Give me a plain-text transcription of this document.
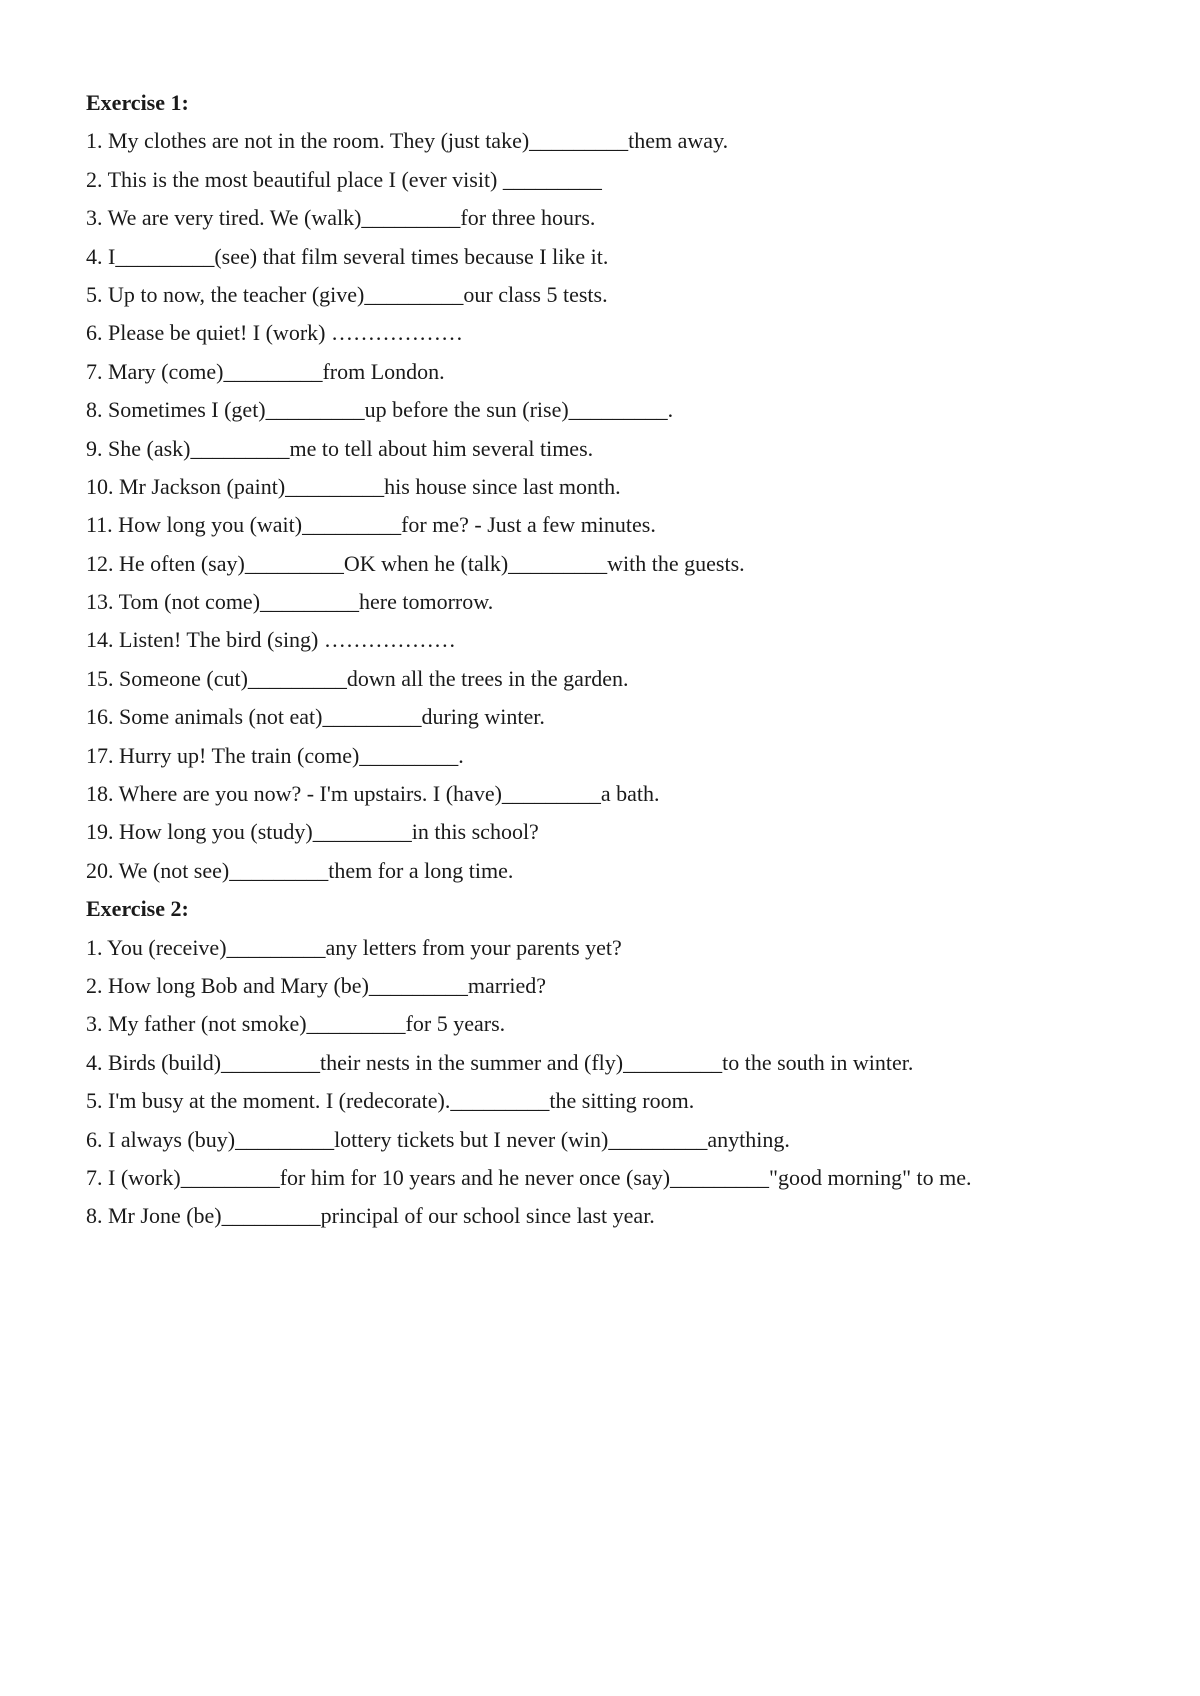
Exercise 1:
1. My clothes are not in the room. They (just take)_________them away.
2. This is the most beautiful place I (ever visit) _________
3. We are very tired. We (walk)_________for three hours.
4. I_________(see) that film several times because I like it.
5. Up to now, the teacher (give)_________our class 5 tests.
6. Please be quiet! I (work) ………………
7. Mary (come)_________from London.
8. Sometimes I (get)_________up before the sun (rise)_________.
9. She (ask)_________me to tell about him several times.
10. Mr Jackson (paint)_________his house since last month.
11. How long you (wait)_________for me? - Just a few minutes.
12. He often (say)_________OK when he (talk)_________with the guests.
13. Tom (not come)_________here tomorrow.
14. Listen! The bird (sing) ………………
15. Someone (cut)_________down all the trees in the garden.
16. Some animals (not eat)_________during winter.
17. Hurry up! The train (come)_________.
18. Where are you now? - I'm upstairs. I (have)_________a bath.
19. How long you (study)_________in this school?
20. We (not see)_________them for a long time.
Exercise 2:
1. You (receive)_________any letters from your parents yet?
2. How long Bob and Mary (be)_________married?
3. My father (not smoke)_________for 5 years.
4. Birds (build)_________their nests in the summer and (fly)_________to the south in winter.
5. I'm busy at the moment. I (redecorate)._________the sitting room.
6. I always (buy)_________lottery tickets but I never (win)_________anything.
7. I (work)_________for him for 10 years and he never once (say)_________"good morning" to me.
8. Mr Jone (be)_________principal of our school since last year.
